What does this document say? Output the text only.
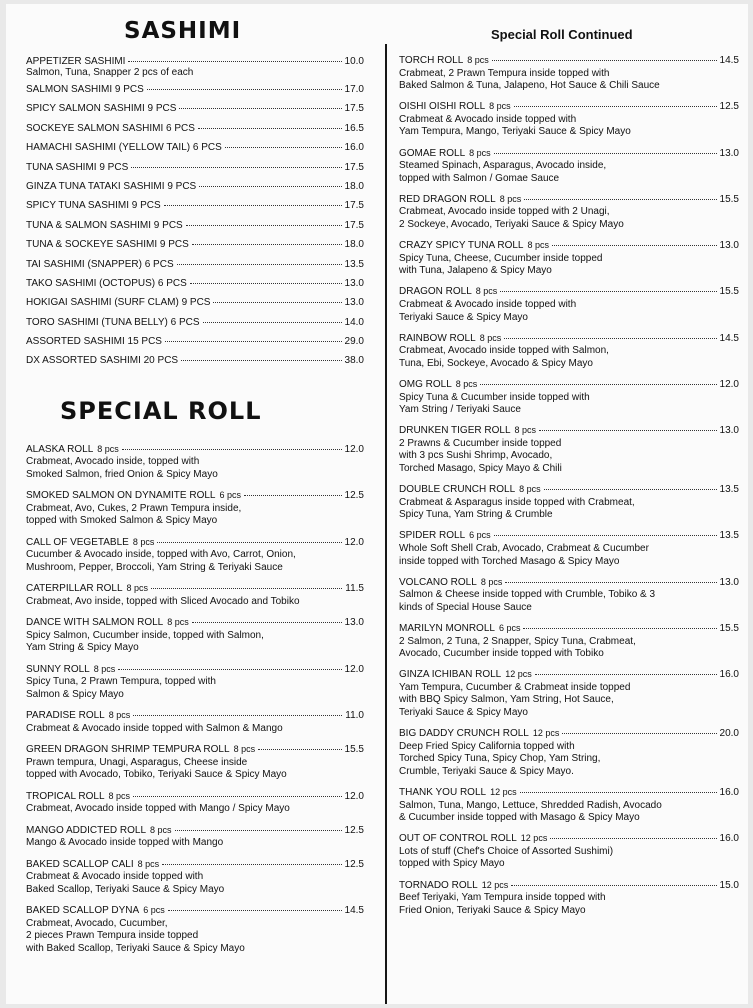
SASHIMI
APPETIZER SASHIMI	10.0
Salmon, Tuna, Snapper 2 pcs of each
SALMON SASHIMI 9 PCS	17.0
SPICY SALMON SASHIMI 9 PCS	17.5
SOCKEYE SALMON SASHIMI 6 PCS	16.5
HAMACHI SASHIMI (YELLOW TAIL) 6 PCS	16.0
TUNA SASHIMI 9 PCS	17.5
GINZA TUNA TATAKI SASHIMI 9 PCS	18.0
SPICY TUNA SASHIMI 9 PCS	17.5
TUNA & SALMON SASHIMI 9 PCS	17.5
TUNA & SOCKEYE SASHIMI 9 PCS	18.0
TAI SASHIMI (SNAPPER) 6 PCS	13.5
TAKO SASHIMI (OCTOPUS) 6 PCS	13.0
HOKIGAI SASHIMI (SURF CLAM) 9 PCS	13.0
TORO SASHIMI (TUNA BELLY) 6 PCS	14.0
ASSORTED SASHIMI 15 PCS	29.0
DX ASSORTED SASHIMI 20 PCS	38.0
SPECIAL ROLL
ALASKA ROLL 8 pcs	12.0
Crabmeat, Avocado inside, topped with
Smoked Salmon, fried Onion & Spicy Mayo
SMOKED SALMON ON DYNAMITE ROLL 6 pcs	12.5
Crabmeat, Avo, Cukes, 2 Prawn Tempura inside,
topped with Smoked Salmon & Spicy Mayo
CALL OF VEGETABLE 8 pcs	12.0
Cucumber & Avocado inside, topped with Avo, Carrot, Onion,
Mushroom, Pepper, Broccoli, Yam String & Teriyaki Sauce
CATERPILLAR ROLL 8 pcs	11.5
Crabmeat, Avo inside, topped with Sliced Avocado and Tobiko
DANCE WITH SALMON ROLL 8 pcs	13.0
Spicy Salmon, Cucumber inside, topped with Salmon,
Yam String & Spicy Mayo
SUNNY ROLL 8 pcs	12.0
Spicy Tuna, 2 Prawn Tempura, topped with
Salmon & Spicy Mayo
PARADISE ROLL 8 pcs	11.0
Crabmeat & Avocado inside topped with Salmon & Mango
GREEN DRAGON SHRIMP TEMPURA ROLL 8 pcs	15.5
Prawn tempura, Unagi, Asparagus, Cheese inside
topped with Avocado, Tobiko, Teriyaki Sauce & Spicy Mayo
TROPICAL ROLL 8 pcs	12.0
Crabmeat, Avocado inside topped with Mango / Spicy Mayo
MANGO ADDICTED ROLL 8 pcs	12.5
Mango & Avocado inside topped with Mango
BAKED SCALLOP CALI 8 pcs	12.5
Crabmeat & Avocado inside topped with
Baked Scallop, Teriyaki Sauce & Spicy Mayo
BAKED SCALLOP DYNA 6 pcs	14.5
Crabmeat, Avocado, Cucumber,
2 pieces Prawn Tempura inside topped
with Baked Scallop, Teriyaki Sauce & Spicy Mayo
Special Roll Continued
TORCH ROLL 8 pcs	14.5
Crabmeat, 2 Prawn Tempura inside topped with
Baked Salmon & Tuna, Jalapeno, Hot Sauce & Chili Sauce
OISHI OISHI ROLL 8 pcs	12.5
Crabmeat & Avocado inside topped with
Yam Tempura, Mango, Teriyaki Sauce & Spicy Mayo
GOMAE ROLL 8 pcs	13.0
Steamed Spinach, Asparagus, Avocado inside,
topped with Salmon / Gomae Sauce
RED DRAGON ROLL 8 pcs	15.5
Crabmeat, Avocado inside topped with 2 Unagi,
2 Sockeye, Avocado, Teriyaki Sauce & Spicy Mayo
CRAZY SPICY TUNA ROLL 8 pcs	13.0
Spicy Tuna, Cheese, Cucumber inside topped
with Tuna, Jalapeno & Spicy Mayo
DRAGON ROLL 8 pcs	15.5
Crabmeat & Avocado inside topped with
Teriyaki Sauce & Spicy Mayo
RAINBOW ROLL 8 pcs	14.5
Crabmeat, Avocado inside topped with Salmon,
Tuna, Ebi, Sockeye, Avocado & Spicy Mayo
OMG ROLL 8 pcs	12.0
Spicy Tuna & Cucumber inside topped with
Yam String / Teriyaki Sauce
DRUNKEN TIGER ROLL 8 pcs	13.0
2 Prawns & Cucumber inside topped
with 3 pcs Sushi Shrimp, Avocado,
Torched Masago, Spicy Mayo & Chili
DOUBLE CRUNCH ROLL 8 pcs	13.5
Crabmeat & Asparagus inside topped with Crabmeat,
Spicy Tuna, Yam String & Crumble
SPIDER ROLL 6 pcs	13.5
Whole Soft Shell Crab, Avocado, Crabmeat & Cucumber
inside topped with Torched Masago & Spicy Mayo
VOLCANO ROLL 8 pcs	13.0
Salmon & Cheese inside topped with Crumble, Tobiko & 3
kinds of Special House Sauce
MARILYN MONROLL 6 pcs	15.5
2 Salmon, 2 Tuna, 2 Snapper, Spicy Tuna, Crabmeat,
Avocado, Cucumber inside topped with Tobiko
GINZA ICHIBAN ROLL 12 pcs	16.0
Yam Tempura, Cucumber & Crabmeat inside topped
with BBQ Spicy Salmon, Yam String, Hot Sauce,
Teriyaki Sauce & Spicy Mayo
BIG DADDY CRUNCH ROLL 12 pcs	20.0
Deep Fried Spicy California topped with
Torched Spicy Tuna, Spicy Chop, Yam String,
Crumble, Teriyaki Sauce & Spicy Mayo.
THANK YOU ROLL 12 pcs	16.0
Salmon, Tuna, Mango, Lettuce, Shredded Radish, Avocado
& Cucumber inside topped with Masago & Spicy Mayo
OUT OF CONTROL ROLL 12 pcs	16.0
Lots of stuff (Chef's Choice of Assorted Sushimi)
topped with Spicy Mayo
TORNADO ROLL 12 pcs	15.0
Beef Teriyaki, Yam Tempura inside topped with
Fried Onion, Teriyaki Sauce & Spicy Mayo
